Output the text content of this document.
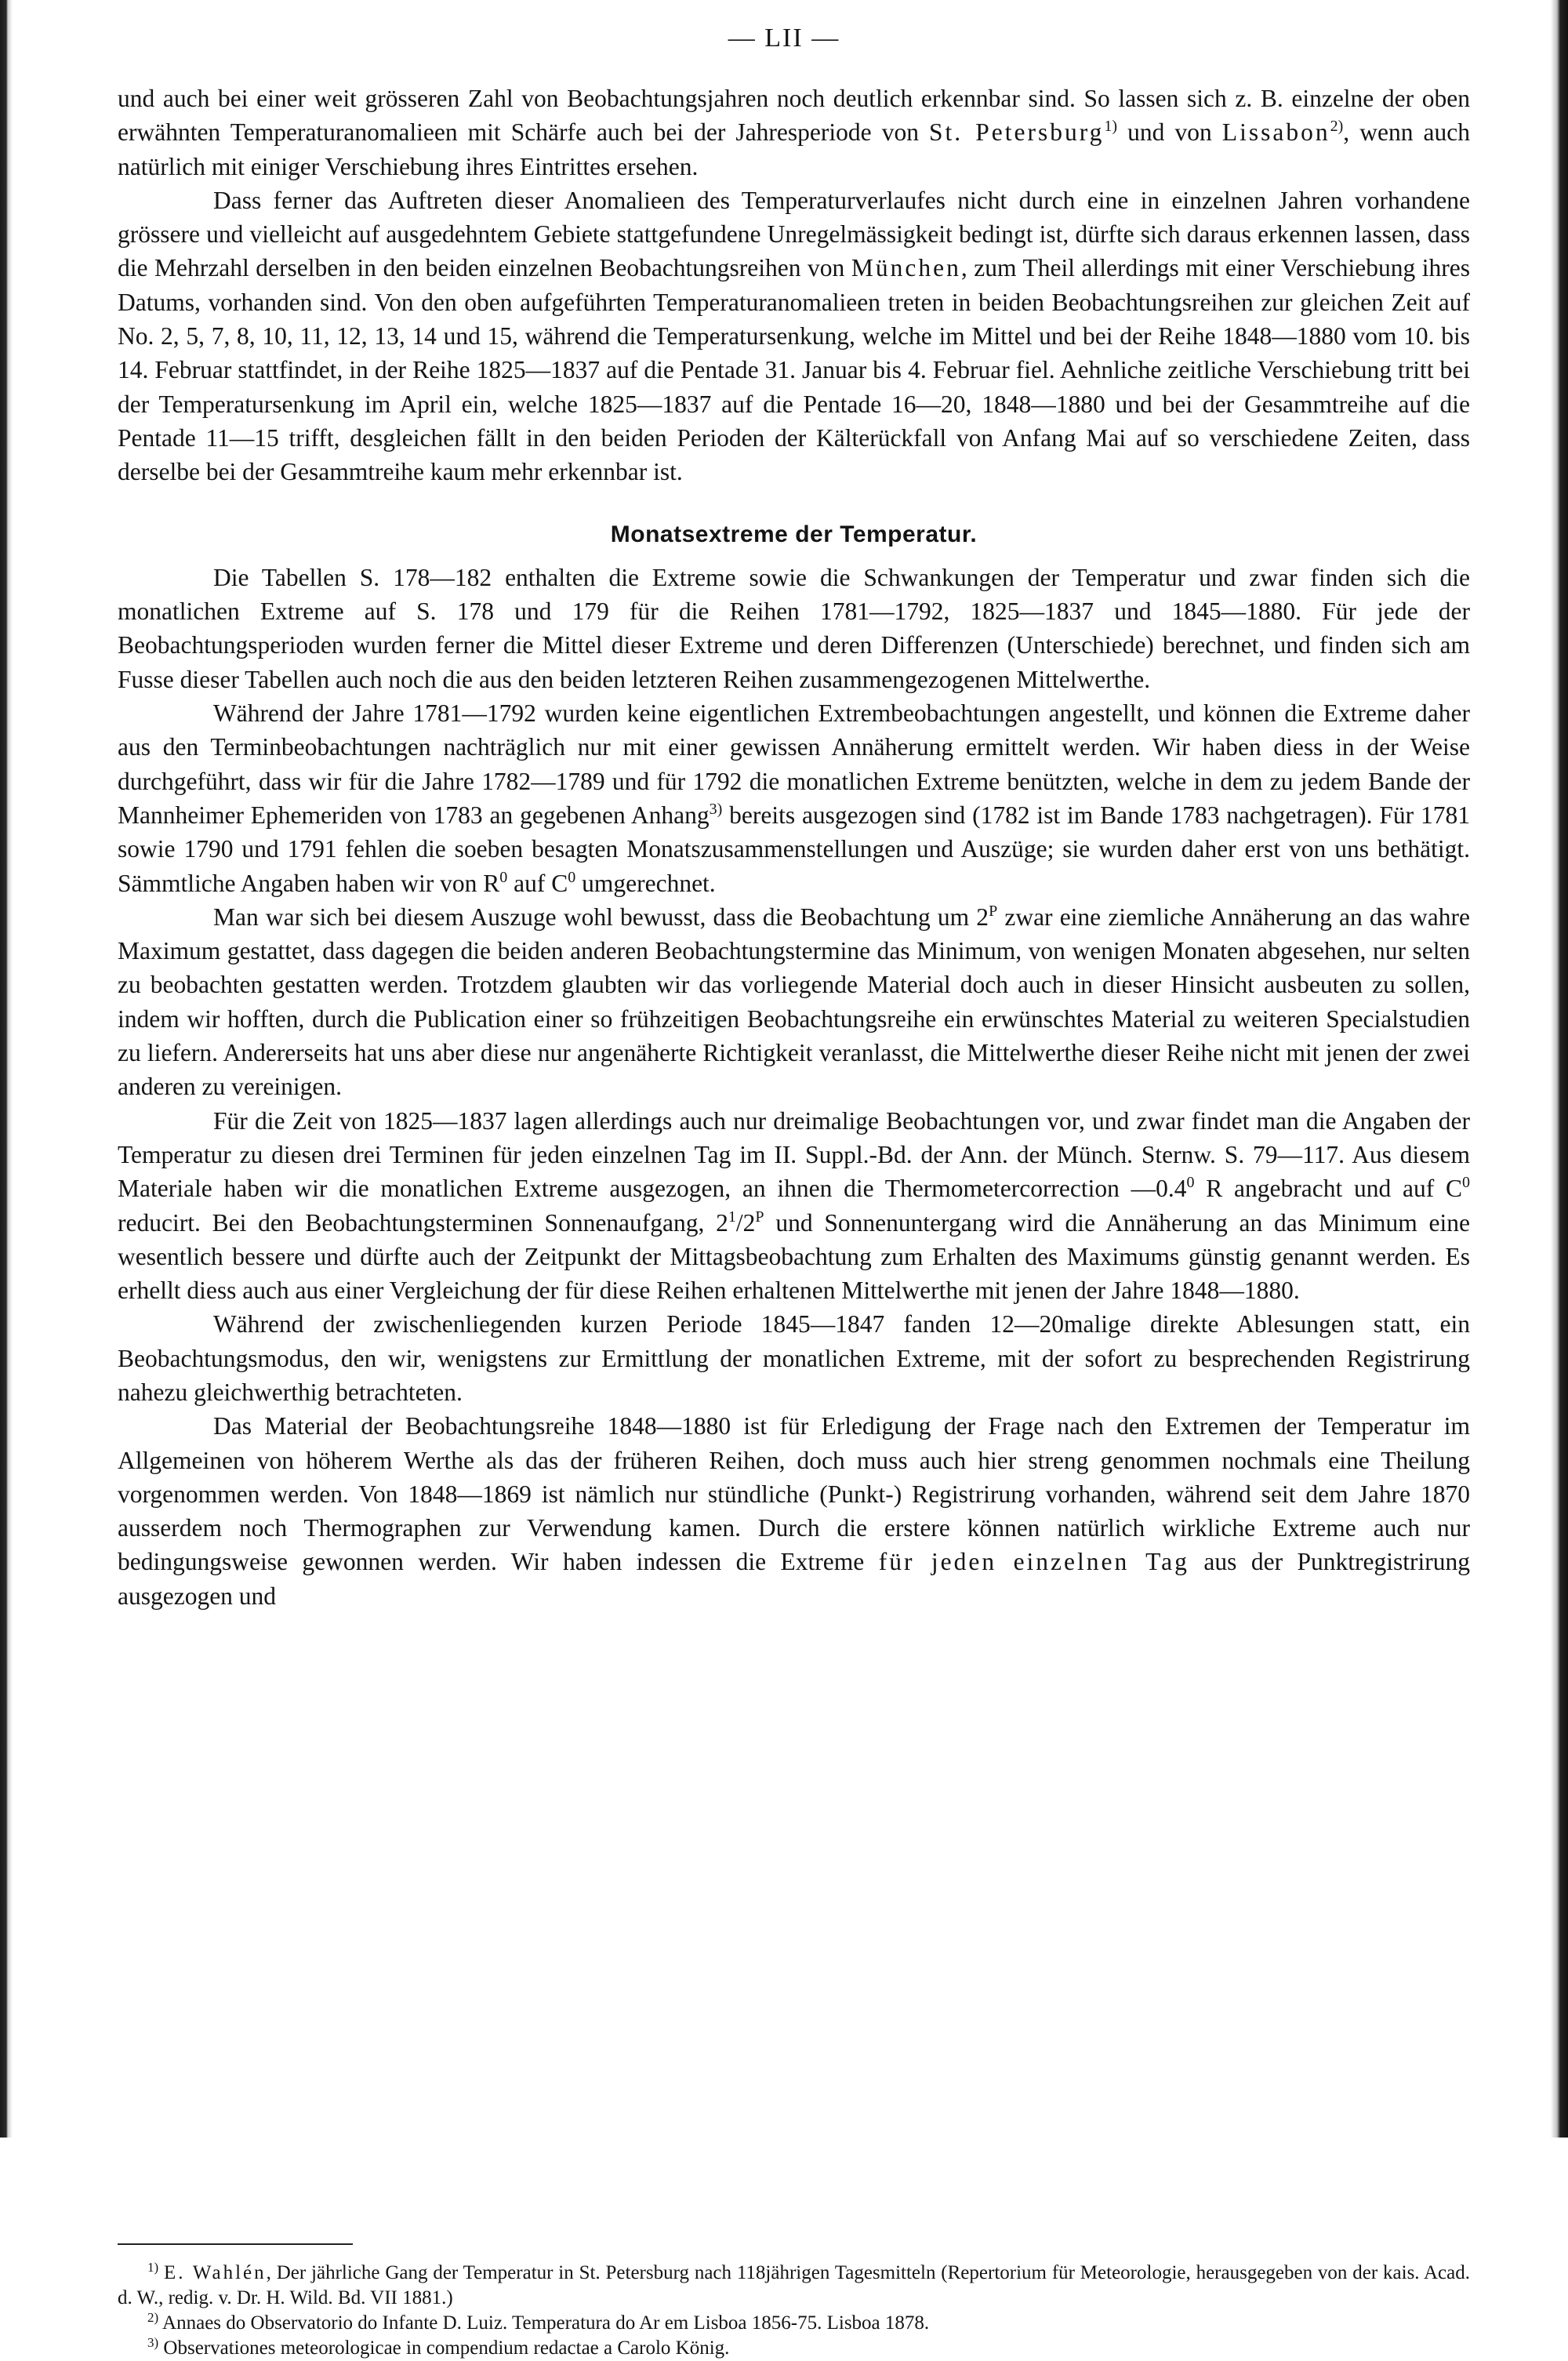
— LII —

und auch bei einer weit grösseren Zahl von Beobachtungsjahren noch deutlich erkennbar sind. So lassen sich z. B. einzelne der oben erwähnten Temperaturanomalieen mit Schärfe auch bei der Jahresperiode von St. Petersburg$^{1)}$ und von Lissabon$^{2)}$, wenn auch natürlich mit einiger Verschiebung ihres Eintrittes ersehen.

Dass ferner das Auftreten dieser Anomalieen des Temperaturverlaufes nicht durch eine in einzelnen Jahren vorhandene grössere und vielleicht auf ausgedehntem Gebiete stattgefundene Unregelmässigkeit bedingt ist, dürfte sich daraus erkennen lassen, dass die Mehrzahl derselben in den beiden einzelnen Beobachtungsreihen von München, zum Theil allerdings mit einer Verschiebung ihres Datums, vorhanden sind. Von den oben aufgeführten Temperaturanomalieen treten in beiden Beobachtungsreihen zur gleichen Zeit auf No. 2, 5, 7, 8, 10, 11, 12, 13, 14 und 15, während die Temperatursenkung, welche im Mittel und bei der Reihe 1848—1880 vom 10. bis 14. Februar stattfindet, in der Reihe 1825—1837 auf die Pentade 31. Januar bis 4. Februar fiel. Aehnliche zeitliche Verschiebung tritt bei der Temperatursenkung im April ein, welche 1825—1837 auf die Pentade 16—20, 1848—1880 und bei der Gesammtreihe auf die Pentade 11—15 trifft, desgleichen fällt in den beiden Perioden der Kälterückfall von Anfang Mai auf so verschiedene Zeiten, dass derselbe bei der Gesammtreihe kaum mehr erkennbar ist.

Monatsextreme der Temperatur.

Die Tabellen S. 178—182 enthalten die Extreme sowie die Schwankungen der Temperatur und zwar finden sich die monatlichen Extreme auf S. 178 und 179 für die Reihen 1781—1792, 1825—1837 und 1845—1880. Für jede der Beobachtungsperioden wurden ferner die Mittel dieser Extreme und deren Differenzen (Unterschiede) berechnet, und finden sich am Fusse dieser Tabellen auch noch die aus den beiden letzteren Reihen zusammengezogenen Mittelwerthe.

Während der Jahre 1781—1792 wurden keine eigentlichen Extrembeobachtungen angestellt, und können die Extreme daher aus den Terminbeobachtungen nachträglich nur mit einer gewissen Annäherung ermittelt werden. Wir haben diess in der Weise durchgeführt, dass wir für die Jahre 1782—1789 und für 1792 die monatlichen Extreme benützten, welche in dem zu jedem Bande der Mannheimer Ephemeriden von 1783 an gegebenen Anhang$^{3)}$ bereits ausgezogen sind (1782 ist im Bande 1783 nachgetragen). Für 1781 sowie 1790 und 1791 fehlen die soeben besagten Monatszusammenstellungen und Auszüge; sie wurden daher erst von uns bethätigt. Sämmtliche Angaben haben wir von R$^0$ auf C$^0$ umgerechnet.

Man war sich bei diesem Auszuge wohl bewusst, dass die Beobachtung um 2$^P$ zwar eine ziemliche Annäherung an das wahre Maximum gestattet, dass dagegen die beiden anderen Beobachtungstermine das Minimum, von wenigen Monaten abgesehen, nur selten zu beobachten gestatten werden. Trotzdem glaubten wir das vorliegende Material doch auch in dieser Hinsicht ausbeuten zu sollen, indem wir hofften, durch die Publication einer so frühzeitigen Beobachtungsreihe ein erwünschtes Material zu weiteren Specialstudien zu liefern. Andererseits hat uns aber diese nur angenäherte Richtigkeit veranlasst, die Mittelwerthe dieser Reihe nicht mit jenen der zwei anderen zu vereinigen.

Für die Zeit von 1825—1837 lagen allerdings auch nur dreimalige Beobachtungen vor, und zwar findet man die Angaben der Temperatur zu diesen drei Terminen für jeden einzelnen Tag im II. Suppl.-Bd. der Ann. der Münch. Sternw. S. 79—117. Aus diesem Materiale haben wir die monatlichen Extreme ausgezogen, an ihnen die Thermometercorrection —0.4$^0$ R angebracht und auf C$^0$ reducirt. Bei den Beobachtungsterminen Sonnenaufgang, 2$^1$/2$^P$ und Sonnenuntergang wird die Annäherung an das Minimum eine wesentlich bessere und dürfte auch der Zeitpunkt der Mittagsbeobachtung zum Erhalten des Maximums günstig genannt werden. Es erhellt diess auch aus einer Vergleichung der für diese Reihen erhaltenen Mittelwerthe mit jenen der Jahre 1848—1880.

Während der zwischenliegenden kurzen Periode 1845—1847 fanden 12—20malige direkte Ablesungen statt, ein Beobachtungsmodus, den wir, wenigstens zur Ermittlung der monatlichen Extreme, mit der sofort zu besprechenden Registrirung nahezu gleichwerthig betrachteten.

Das Material der Beobachtungsreihe 1848—1880 ist für Erledigung der Frage nach den Extremen der Temperatur im Allgemeinen von höherem Werthe als das der früheren Reihen, doch muss auch hier streng genommen nochmals eine Theilung vorgenommen werden. Von 1848—1869 ist nämlich nur stündliche (Punkt-) Registrirung vorhanden, während seit dem Jahre 1870 ausserdem noch Thermographen zur Verwendung kamen. Durch die erstere können natürlich wirkliche Extreme auch nur bedingungsweise gewonnen werden. Wir haben indessen die Extreme für jeden einzelnen Tag aus der Punktregistrirung ausgezogen und

$^{1)}$ E. Wahlén, Der jährliche Gang der Temperatur in St. Petersburg nach 118jährigen Tagesmitteln (Repertorium für Meteorologie, herausgegeben von der kais. Acad. d. W., redig. v. Dr. H. Wild. Bd. VII 1881.)

$^{2)}$ Annaes do Observatorio do Infante D. Luiz. Temperatura do Ar em Lisboa 1856-75. Lisboa 1878.

$^{3)}$ Observationes meteorologicae in compendium redactae a Carolo König.
